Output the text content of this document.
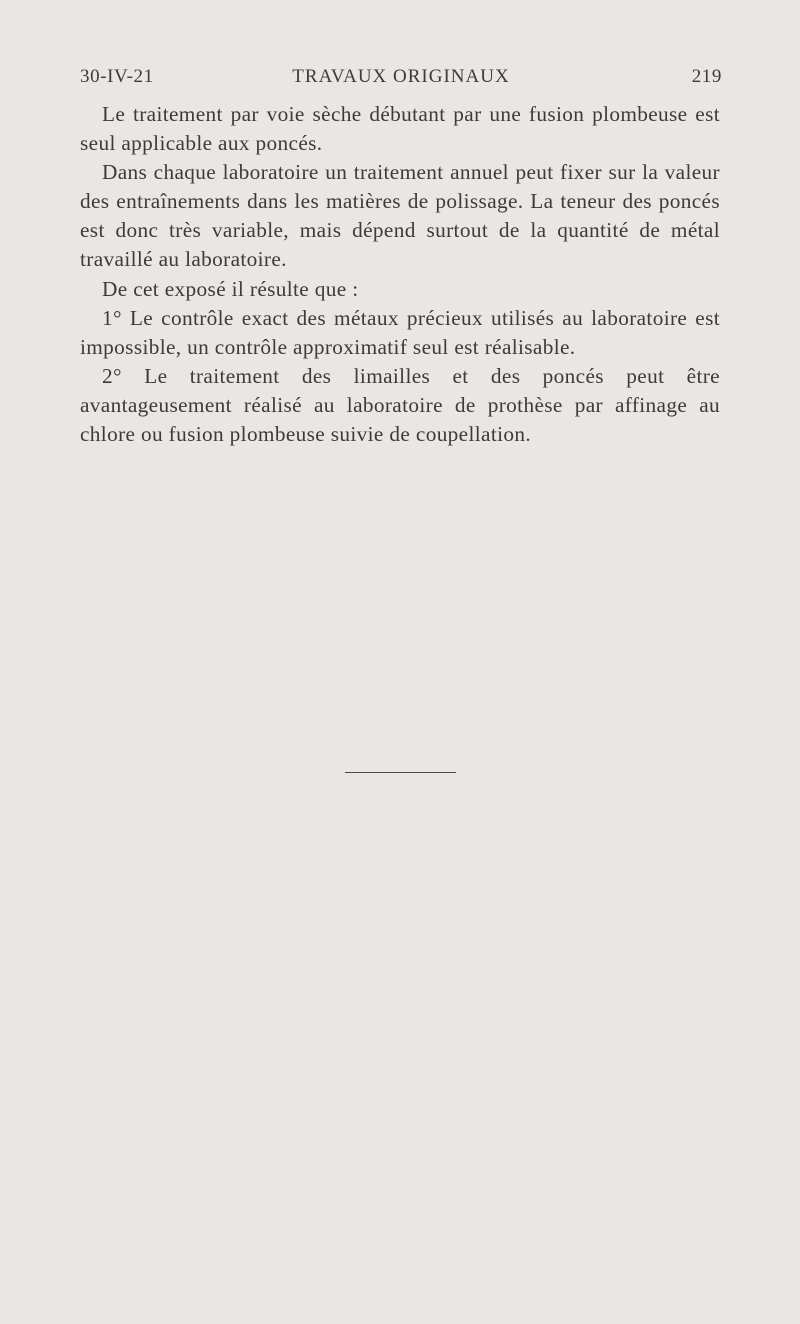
30-IV-21	TRAVAUX ORIGINAUX	219

Le traitement par voie sèche débutant par une fusion plombeuse est seul applicable aux poncés.

Dans chaque laboratoire un traitement annuel peut fixer sur la valeur des entraînements dans les matières de polissage. La teneur des poncés est donc très variable, mais dépend surtout de la quantité de métal travaillé au laboratoire.

De cet exposé il résulte que :

1° Le contrôle exact des métaux précieux utilisés au laboratoire est impossible, un contrôle approximatif seul est réalisable.

2° Le traitement des limailles et des poncés peut être avantageusement réalisé au laboratoire de prothèse par affinage au chlore ou fusion plombeuse suivie de coupellation.
